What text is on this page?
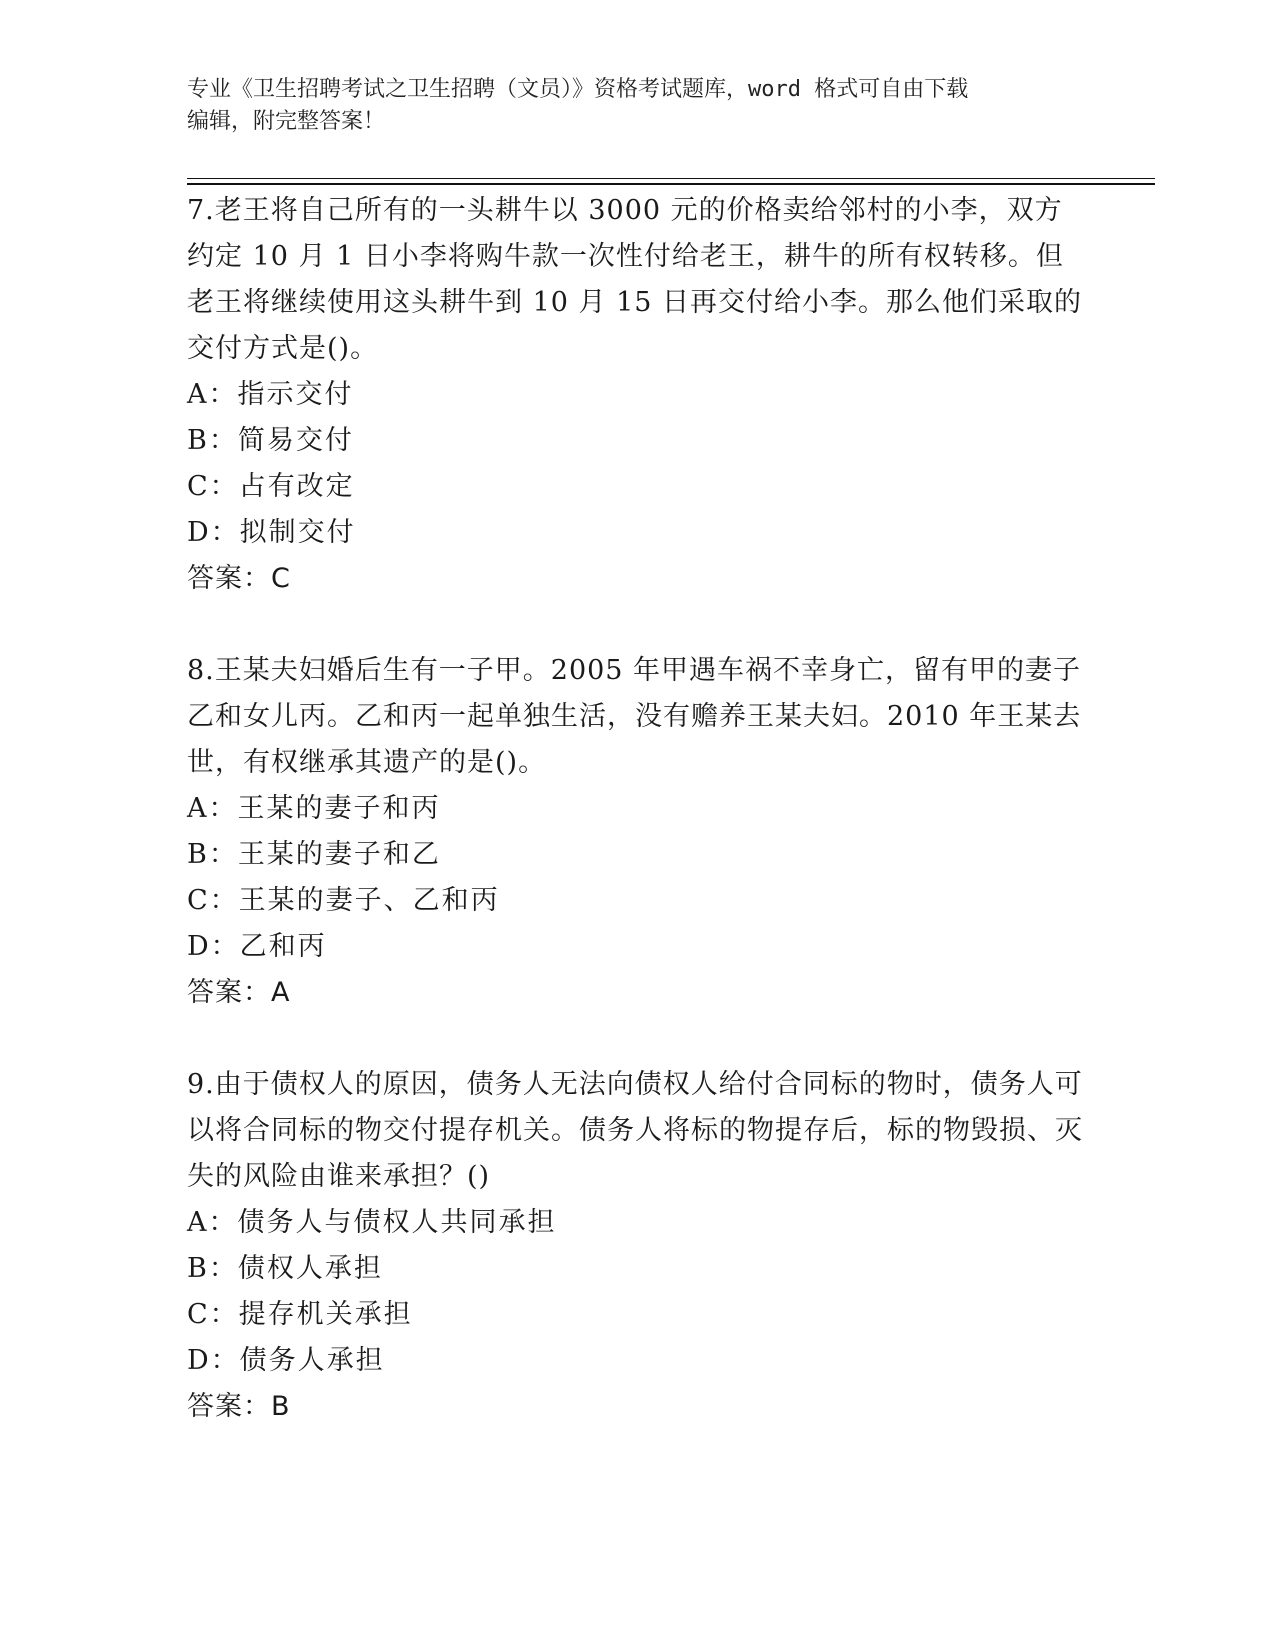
专业《卫生招聘考试之卫生招聘（文员）》资格考试题库，word 格式可自由下载
编辑，附完整答案！
7.老王将自己所有的一头耕牛以 3000 元的价格卖给邻村的小李，双方约定 10 月 1 日小李将购牛款一次性付给老王，耕牛的所有权转移。但老王将继续使用这头耕牛到 10 月 15 日再交付给小李。那么他们采取的交付方式是()。
A：指示交付
B：简易交付
C：占有改定
D：拟制交付
答案：C
8.王某夫妇婚后生有一子甲。2005 年甲遇车祸不幸身亡，留有甲的妻子乙和女儿丙。乙和丙一起单独生活，没有赡养王某夫妇。2010 年王某去世，有权继承其遗产的是()。
A：王某的妻子和丙
B：王某的妻子和乙
C：王某的妻子、乙和丙
D：乙和丙
答案：A
9.由于债权人的原因，债务人无法向债权人给付合同标的物时，债务人可以将合同标的物交付提存机关。债务人将标的物提存后，标的物毁损、灭失的风险由谁来承担？()
A：债务人与债权人共同承担
B：债权人承担
C：提存机关承担
D：债务人承担
答案：B
